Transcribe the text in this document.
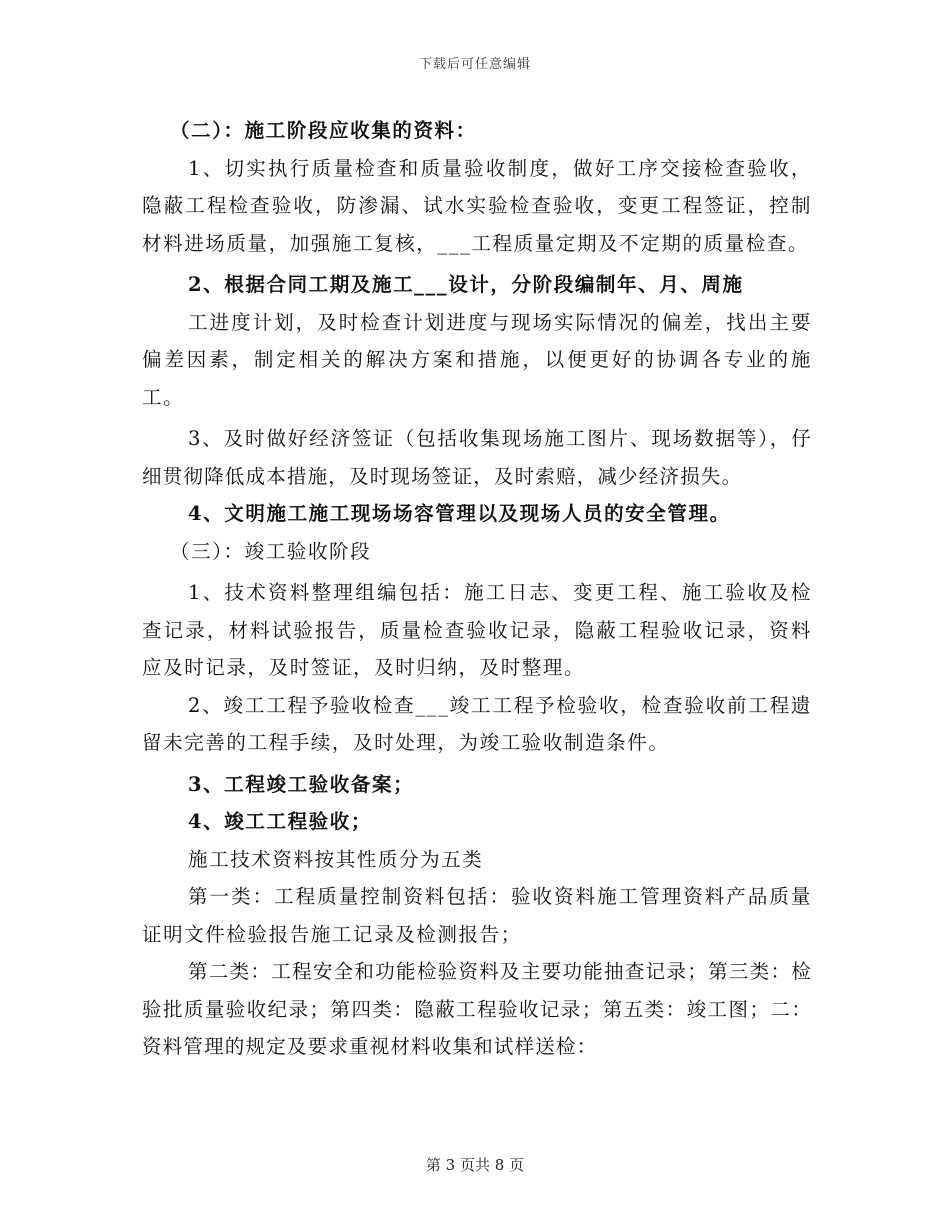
下载后可任意编辑

（二）：施工阶段应收集的资料：

1、切实执行质量检查和质量验收制度，做好工序交接检查验收，隐蔽工程检查验收，防渗漏、试水实验检查验收，变更工程签证，控制材料进场质量，加强施工复核，___工程质量定期及不定期的质量检查。

2、根据合同工期及施工___设计，分阶段编制年、月、周施

工进度计划，及时检查计划进度与现场实际情况的偏差，找出主要偏差因素，制定相关的解决方案和措施，以便更好的协调各专业的施工。

3、及时做好经济签证（包括收集现场施工图片、现场数据等），仔细贯彻降低成本措施，及时现场签证，及时索赔，减少经济损失。

4、文明施工施工现场场容管理以及现场人员的安全管理。

（三）：竣工验收阶段

1、技术资料整理组编包括：施工日志、变更工程、施工验收及检查记录，材料试验报告，质量检查验收记录，隐蔽工程验收记录，资料应及时记录，及时签证，及时归纳，及时整理。

2、竣工工程予验收检查___竣工工程予检验收，检查验收前工程遗留未完善的工程手续，及时处理，为竣工验收制造条件。

3、工程竣工验收备案；

4、竣工工程验收；

施工技术资料按其性质分为五类

第一类：工程质量控制资料包括：验收资料施工管理资料产品质量证明文件检验报告施工记录及检测报告；

第二类：工程安全和功能检验资料及主要功能抽查记录；第三类：检验批质量验收纪录；第四类：隐蔽工程验收记录；第五类：竣工图；二：资料管理的规定及要求重视材料收集和试样送检：

第 3 页共 8 页
